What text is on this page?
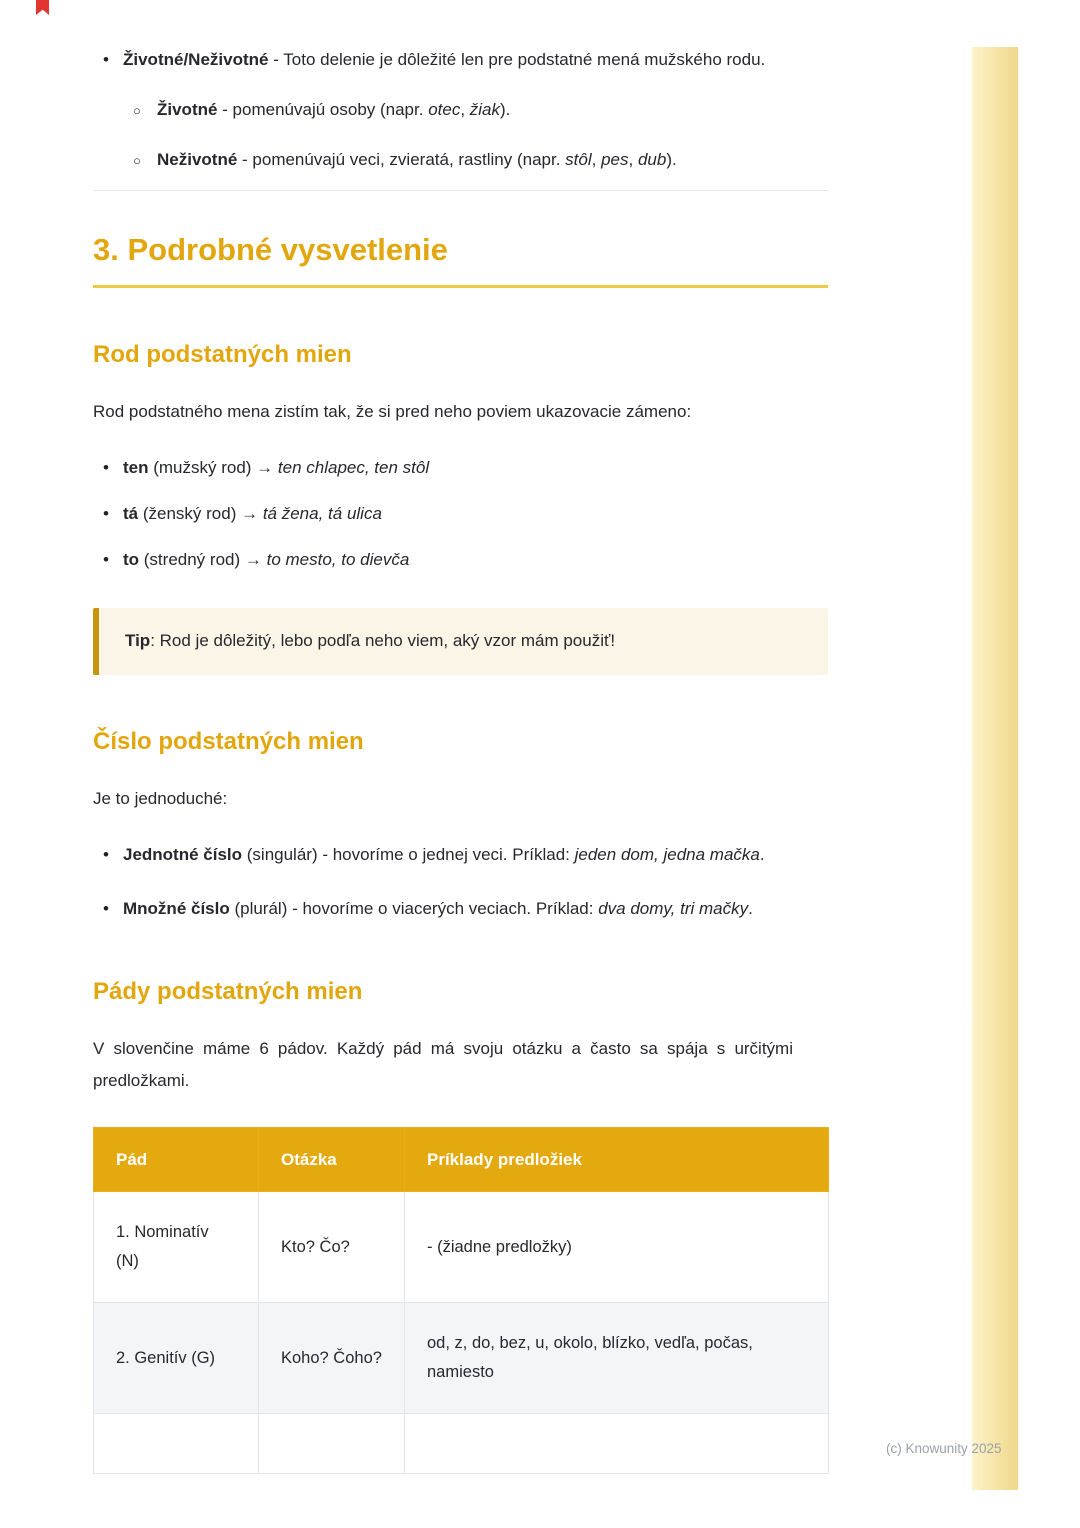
• Životné/Neživotné - Toto delenie je dôležité len pre podstatné mená mužského rodu.
○ Životné - pomenúvajú osoby (napr. otec, žiak).
○ Neživotné - pomenúvajú veci, zvieratá, rastliny (napr. stôl, pes, dub).
3. Podrobné vysvetlenie
Rod podstatných mien

Rod podstatného mena zistím tak, že si pred neho poviem ukazovacie zámeno:

• ten (mužský rod) → ten chlapec, ten stôl
• tá (ženský rod) → tá žena, tá ulica
• to (stredný rod) → to mesto, to dievča
Tip: Rod je dôležitý, lebo podľa neho viem, aký vzor mám použiť!
Číslo podstatných mien

Je to jednoduché:

• Jednotné číslo (singulár) - hovoríme o jednej veci. Príklad: jeden dom, jedna mačka.
• Množné číslo (plurál) - hovoríme o viacerých veciach. Príklad: dva domy, tri mačky.
Pády podstatných mien

V slovenčine máme 6 pádov. Každý pád má svoju otázku a často sa spája s určitými predložkami.

Pád	Otázka	Príklady predložiek
1. Nominatív (N)	Kto? Čo?	- (žiadne predložky)
2. Genitív (G)	Koho? Čoho?	od, z, do, bez, u, okolo, blízko, vedľa, počas, namiesto

(c) Knowunity 2025
